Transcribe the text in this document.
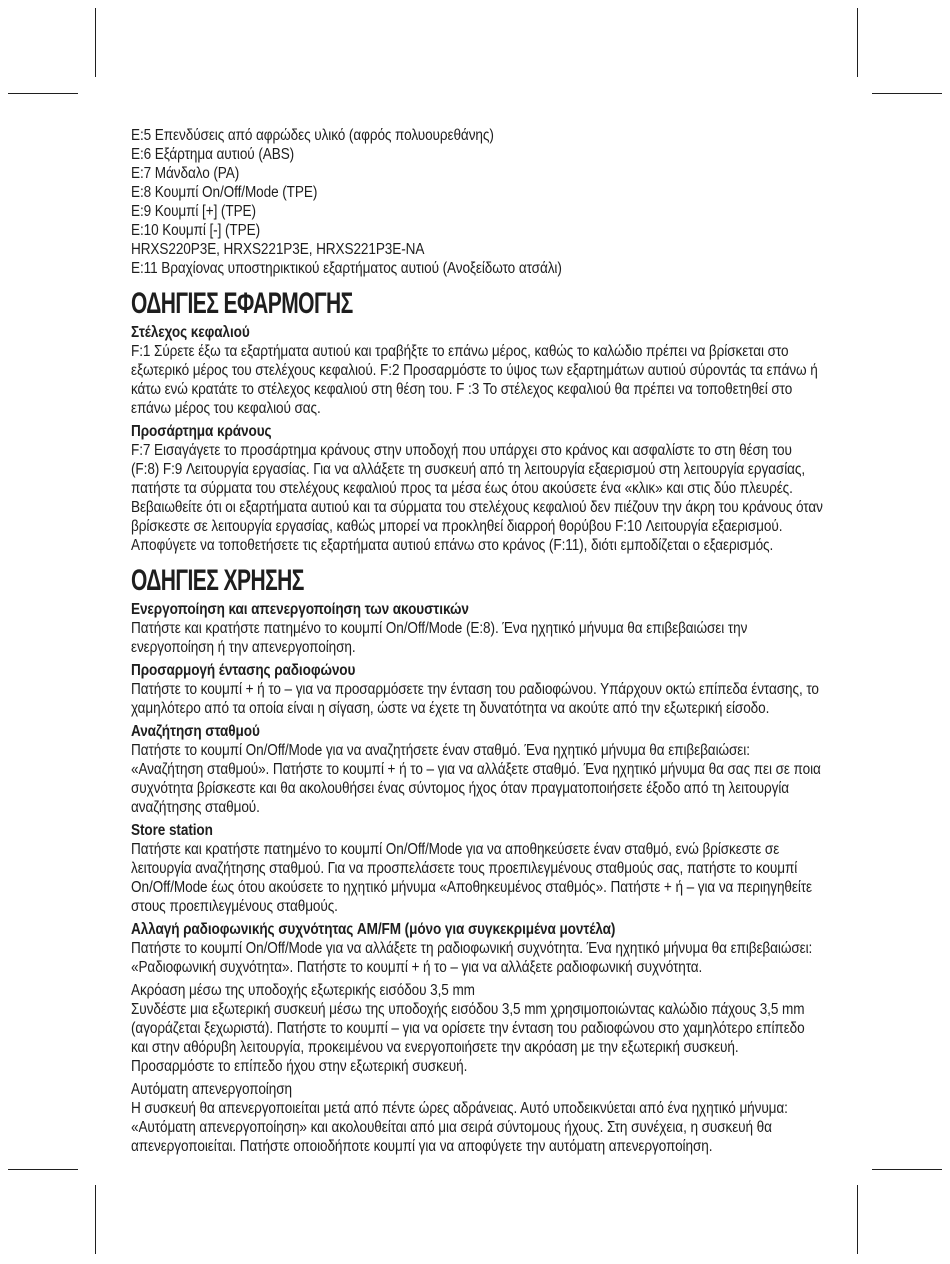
E:5 Επενδύσεις από αφρώδες υλικό (αφρός πολυουρεθάνης)

E:6 Εξάρτημα αυτιού (ABS)

E:7 Μάνδαλο (PA)

E:8 Κουμπί On/Off/Mode (TPE)

E:9 Κουμπί [+] (TPE)

E:10 Κουμπί [-] (TPE)

HRXS220P3E, HRXS221P3E, HRXS221P3E-NA

E:11 Βραχίονας υποστηρικτικού εξαρτήματος αυτιού (Ανοξείδωτο ατσάλι)

ΟΔΗΓΙΕΣ ΕΦΑΡΜΟΓΗΣ

Στέλεχος κεφαλιού

F:1 Σύρετε έξω τα εξαρτήματα αυτιού και τραβήξτε το επάνω μέρος, καθώς το καλώδιο πρέπει να βρίσκεται στο εξωτερικό μέρος του στελέχους κεφαλιού. F:2 Προσαρμόστε το ύψος των εξαρτημάτων αυτιού σύροντάς τα επάνω ή κάτω ενώ κρατάτε το στέλεχος κεφαλιού στη θέση του. F :3 Το στέλεχος κεφαλιού θα πρέπει να τοποθετηθεί στο επάνω μέρος του κεφαλιού σας.

Προσάρτημα κράνους

F:7 Εισαγάγετε το προσάρτημα κράνους στην υποδοχή που υπάρχει στο κράνος και ασφαλίστε το στη θέση του (F:8) F:9 Λειτουργία εργασίας. Για να αλλάξετε τη συσκευή από τη λειτουργία εξαερισμού στη λειτουργία εργασίας, πατήστε τα σύρματα του στελέχους κεφαλιού προς τα μέσα έως ότου ακούσετε ένα «κλικ» και στις δύο πλευρές. Βεβαιωθείτε ότι οι εξαρτήματα αυτιού και τα σύρματα του στελέχους κεφαλιού δεν πιέζουν την άκρη του κράνους όταν βρίσκεστε σε λειτουργία εργασίας, καθώς μπορεί να προκληθεί διαρροή θορύβου F:10 Λειτουργία εξαερισμού. Αποφύγετε να τοποθετήσετε τις εξαρτήματα αυτιού επάνω στο κράνος (F:11), διότι εμποδίζεται ο εξαερισμός.

ΟΔΗΓΙΕΣ ΧΡΗΣΗΣ

Ενεργοποίηση και απενεργοποίηση των ακουστικών

Πατήστε και κρατήστε πατημένο το κουμπί On/Off/Mode (E:8). Ένα ηχητικό μήνυμα θα επιβεβαιώσει την ενεργοποίηση ή την απενεργοποίηση.

Προσαρμογή έντασης ραδιοφώνου

Πατήστε το κουμπί + ή το – για να προσαρμόσετε την ένταση του ραδιοφώνου. Υπάρχουν οκτώ επίπεδα έντασης, το χαμηλότερο από τα οποία είναι η σίγαση, ώστε να έχετε τη δυνατότητα να ακούτε από την εξωτερική είσοδο.

Αναζήτηση σταθμού

Πατήστε το κουμπί On/Off/Mode για να αναζητήσετε έναν σταθμό. Ένα ηχητικό μήνυμα θα επιβεβαιώσει: «Αναζήτηση σταθμού». Πατήστε το κουμπί + ή το – για να αλλάξετε σταθμό. Ένα ηχητικό μήνυμα θα σας πει σε ποια συχνότητα βρίσκεστε και θα ακολουθήσει ένας σύντομος ήχος όταν πραγματοποιήσετε έξοδο από τη λειτουργία αναζήτησης σταθμού.

Store station

Πατήστε και κρατήστε πατημένο το κουμπί On/Off/Mode για να αποθηκεύσετε έναν σταθμό, ενώ βρίσκεστε σε λειτουργία αναζήτησης σταθμού. Για να προσπελάσετε τους προεπιλεγμένους σταθμούς σας, πατήστε το κουμπί On/Off/Mode έως ότου ακούσετε το ηχητικό μήνυμα «Αποθηκευμένος σταθμός». Πατήστε + ή – για να περιηγηθείτε στους προεπιλεγμένους σταθμούς.

Αλλαγή ραδιοφωνικής συχνότητας AM/FM (μόνο για συγκεκριμένα μοντέλα)

Πατήστε το κουμπί On/Off/Mode για να αλλάξετε τη ραδιοφωνική συχνότητα. Ένα ηχητικό μήνυμα θα επιβεβαιώσει: «Ραδιοφωνική συχνότητα». Πατήστε το κουμπί + ή το – για να αλλάξετε ραδιοφωνική συχνότητα.

Ακρόαση μέσω της υποδοχής εξωτερικής εισόδου 3,5 mm

Συνδέστε μια εξωτερική συσκευή μέσω της υποδοχής εισόδου 3,5 mm χρησιμοποιώντας καλώδιο πάχους 3,5 mm (αγοράζεται ξεχωριστά). Πατήστε το κουμπί – για να ορίσετε την ένταση του ραδιοφώνου στο χαμηλότερο επίπεδο και στην αθόρυβη λειτουργία, προκειμένου να ενεργοποιήσετε την ακρόαση με την εξωτερική συσκευή. Προσαρμόστε το επίπεδο ήχου στην εξωτερική συσκευή.

Αυτόματη απενεργοποίηση

Η συσκευή θα απενεργοποιείται μετά από πέντε ώρες αδράνειας. Αυτό υποδεικνύεται από ένα ηχητικό μήνυμα: «Αυτόματη απενεργοποίηση» και ακολουθείται από μια σειρά σύντομους ήχους. Στη συνέχεια, η συσκευή θα απενεργοποιείται. Πατήστε οποιοδήποτε κουμπί για να αποφύγετε την αυτόματη απενεργοποίηση.
